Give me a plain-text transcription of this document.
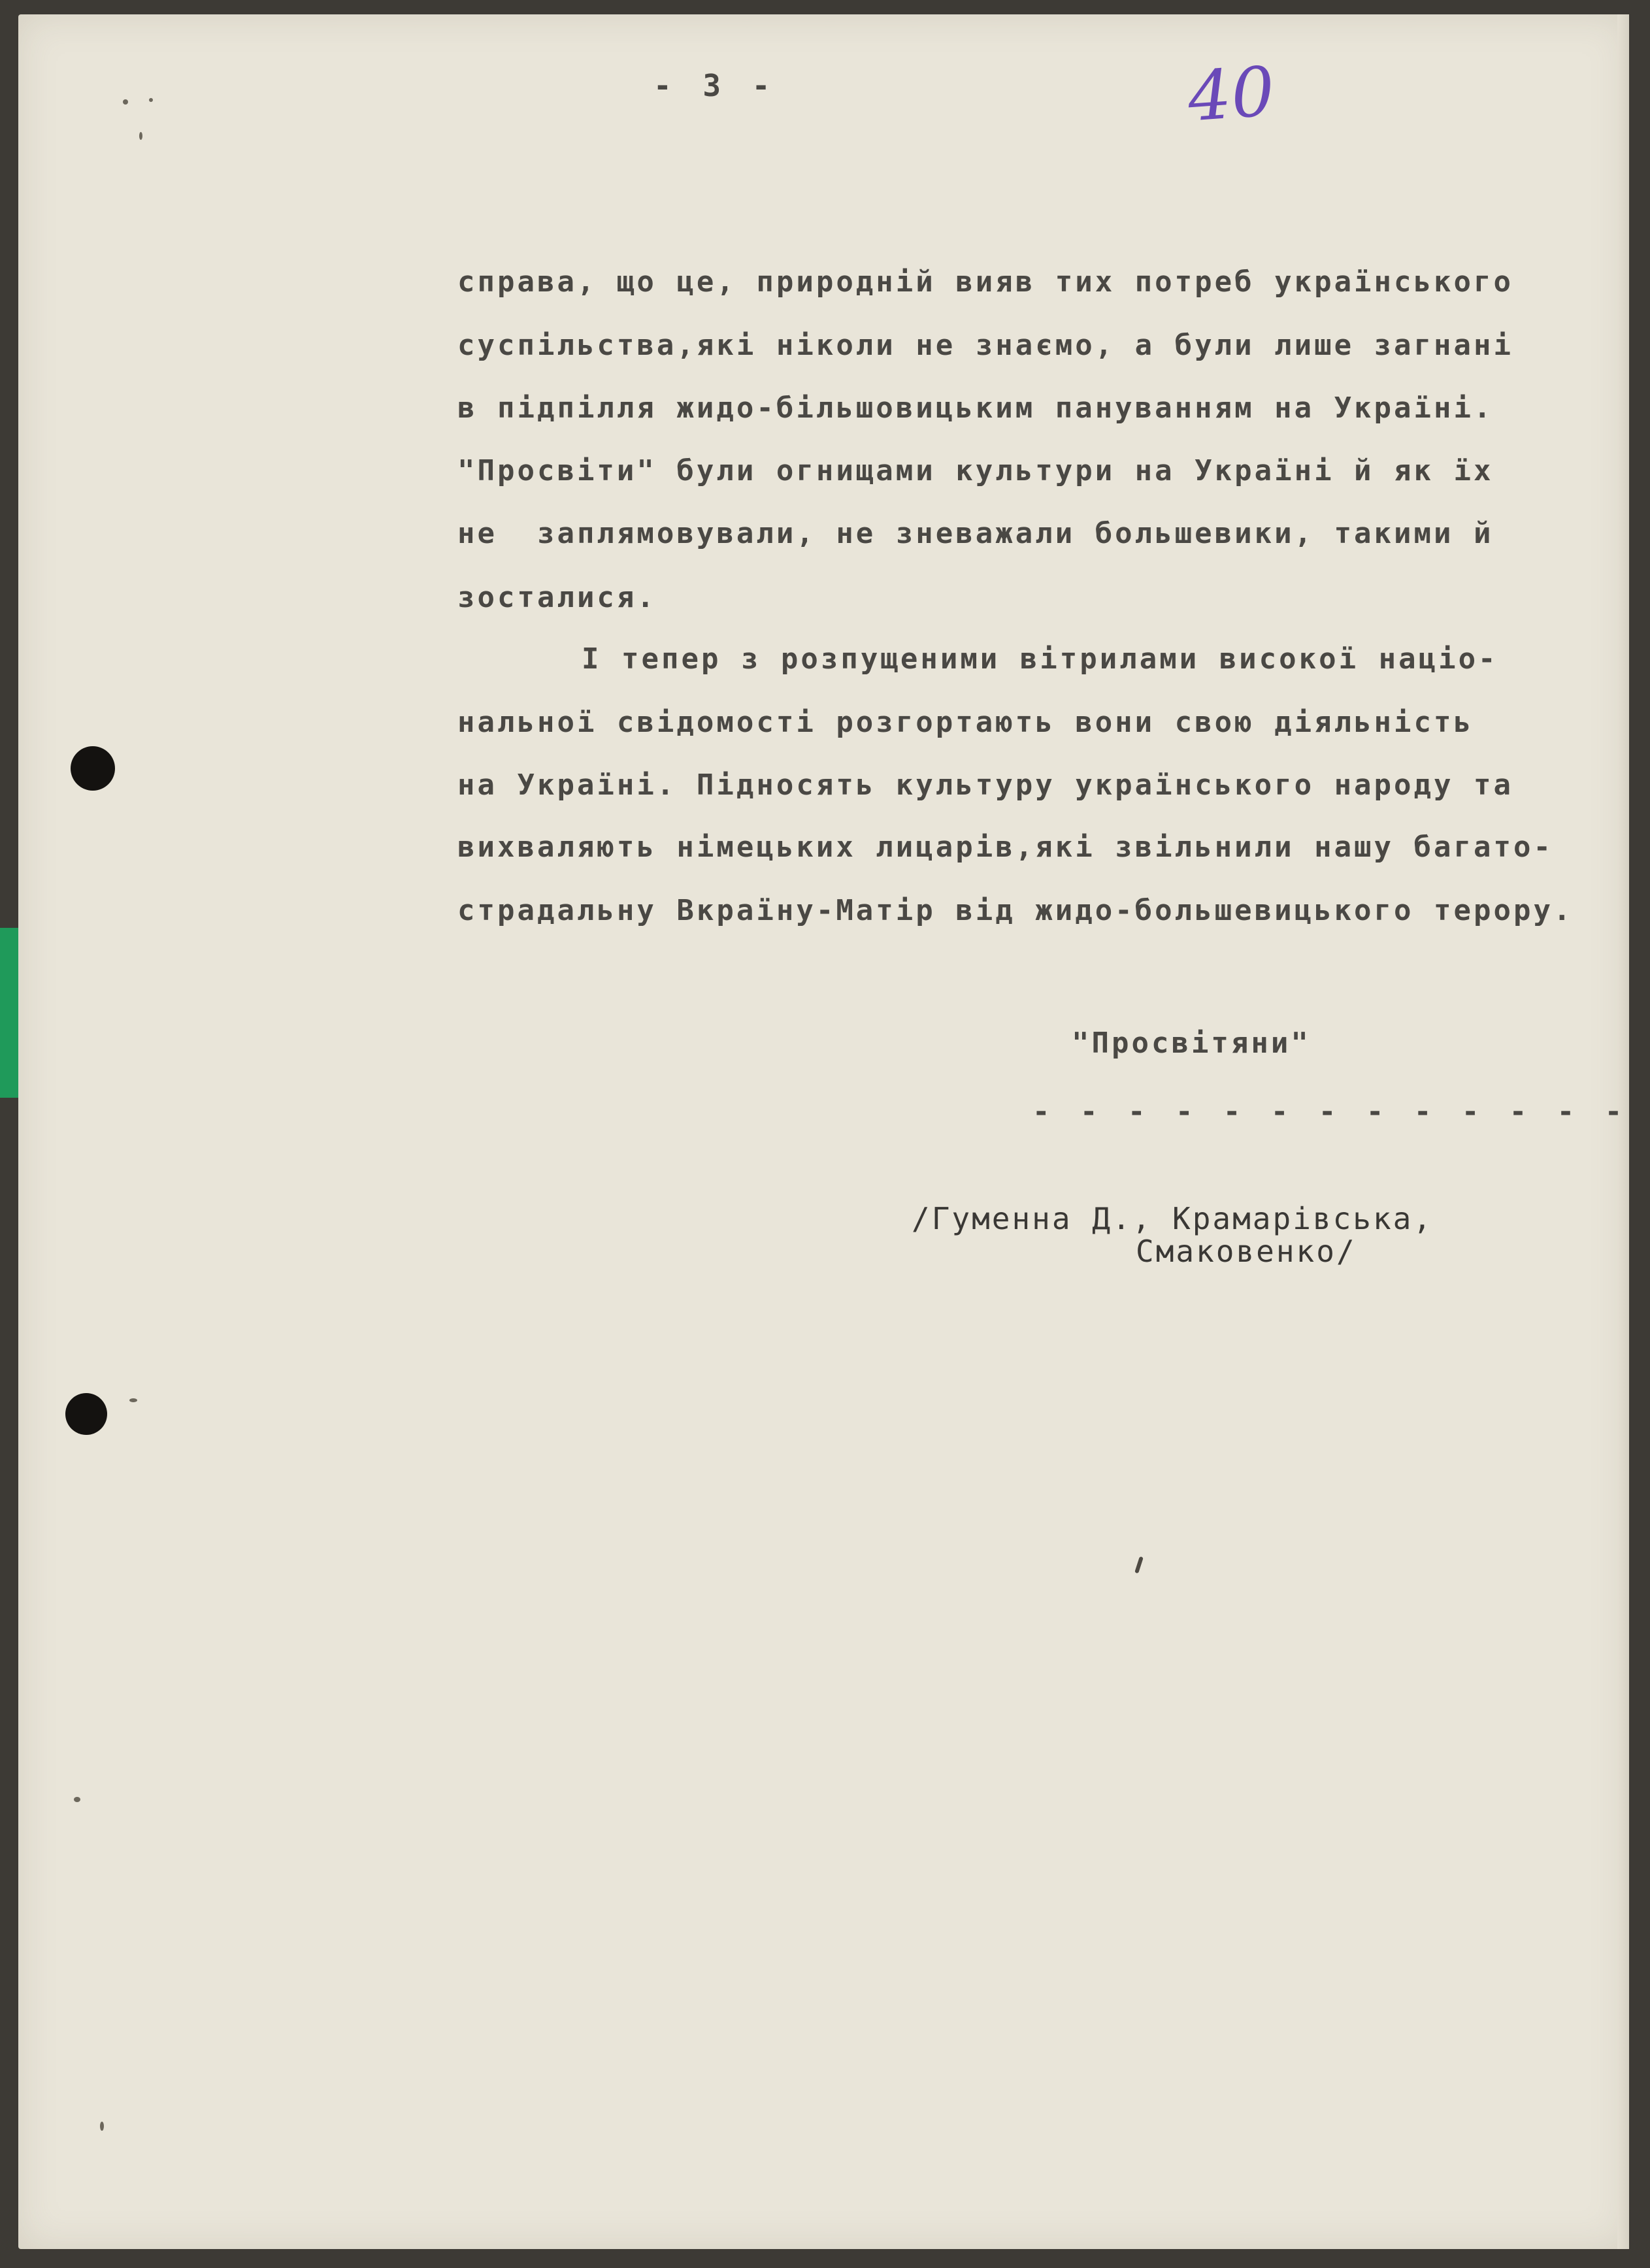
- 3 -	40

справа, що це, природній вияв тих потреб українського

суспільства,які ніколи не знаємо, а були лише загнані

в підпілля жидо-більшовицьким пануванням на Україні.

"Просвіти" були огнищами культури на Україні й як їх

не  заплямовували, не зневажали большевики, такими й

зосталися.

І тепер з розпущеними вітрилами високої націо-

нальної свідомості розгортають вони свою діяльність

на Україні. Підносять культуру українського народу та

вихваляють німецьких лицарів,які звільнили нашу багато-

страдальну Вкраїну-Матір від жидо-большевицького терору.

"Просвітяни"

- - - - - - - - - - - - -

/Гуменна Д., Крамарівська,

Смаковенко/
